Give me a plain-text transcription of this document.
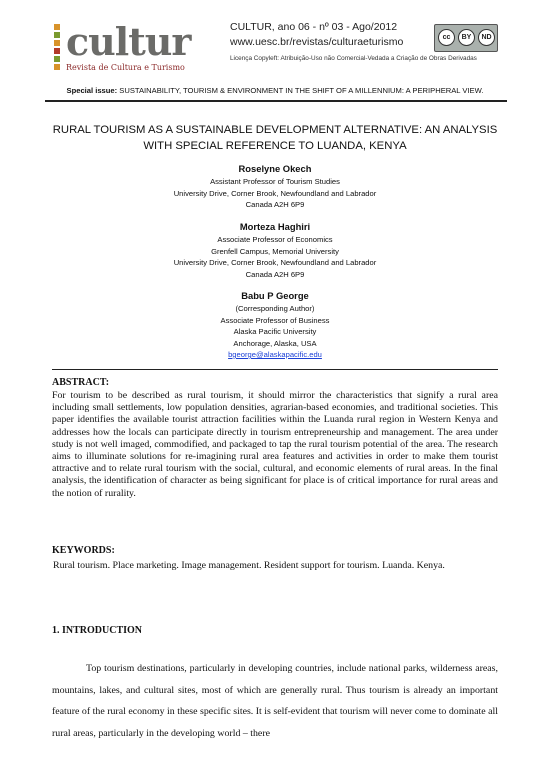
cultur
Revista de Cultura e Turismo
CULTUR, ano 06 - nº 03 - Ago/2012
www.uesc.br/revistas/culturaeturismo
Licença Copyleft: Atribuição-Uso não Comercial-Vedada a Criação de Obras Derivadas
cc	BY	ND
Special issue: SUSTAINABILITY, TOURISM & ENVIRONMENT IN THE SHIFT OF A MILLENNIUM: A PERIPHERAL VIEW.
RURAL TOURISM AS A SUSTAINABLE DEVELOPMENT ALTERNATIVE: AN ANALYSIS
WITH SPECIAL REFERENCE TO LUANDA, KENYA
Roselyne Okech
Assistant Professor of Tourism Studies
University Drive, Corner Brook, Newfoundland and Labrador
Canada A2H 6P9
Morteza Haghiri
Associate Professor of Economics
Grenfell Campus, Memorial University
University Drive, Corner Brook, Newfoundland and Labrador
Canada A2H 6P9
Babu P George
(Corresponding Author)
Associate Professor of Business
Alaska Pacific University
Anchorage, Alaska, USA
bgeorge@alaskapacific.edu
ABSTRACT:
For tourism to be described as rural tourism, it should mirror the characteristics that signify a rural area including small settlements, low population densities, agrarian-based economies, and traditional societies. This paper identifies the available tourist attraction facilities within the Luanda rural region in Western Kenya and addresses how the locals can participate directly in tourism entrepreneurship and management. The area under study is not well imaged, commodified, and packaged to tap the rural tourism potential of the area. The research aims to illuminate solutions for re-imagining rural area features and activities in order to make them tourist attractive and to relate rural tourism with the social, cultural, and economic elements of rural areas. In the final analysis, the identification of character as being significant for place is of critical importance for rural areas and the notion of rurality.
KEYWORDS:
Rural tourism. Place marketing. Image management. Resident support for tourism. Luanda. Kenya.
1. INTRODUCTION
Top tourism destinations, particularly in developing countries, include national parks, wilderness areas, mountains, lakes, and cultural sites, most of which are generally rural. Thus tourism is already an important feature of the rural economy in these specific sites. It is self-evident that tourism will never come to dominate all rural areas, particularly in the developing world – there
